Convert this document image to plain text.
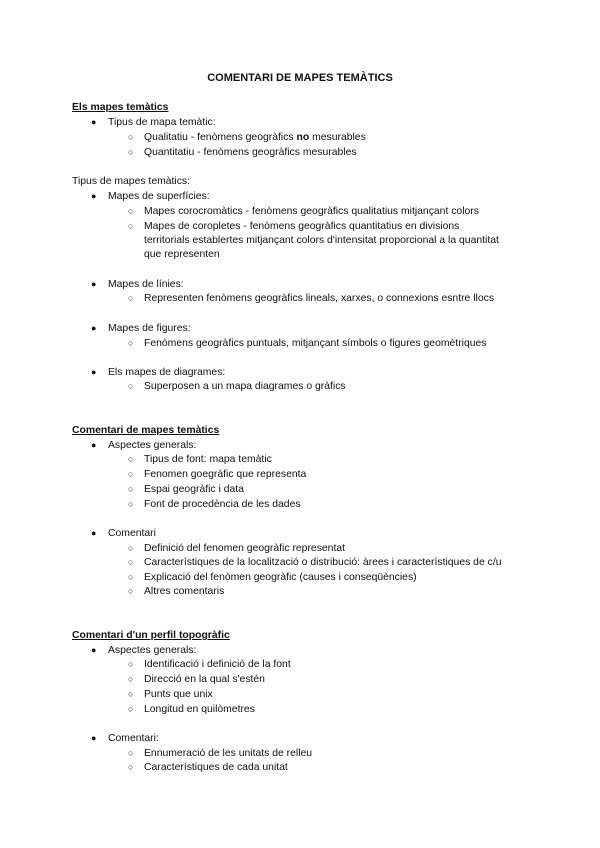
COMENTARI DE MAPES TEMÀTICS
Els mapes temàtics
● Tipus de mapa temàtic:
○ Qualitatiu - fenòmens geogràfics no mesurables
○ Quantitatiu - fenòmens geogràfics mesurables
Tipus de mapes temàtics:
● Mapes de superfícies:
○ Mapes corocromàtics - fenòmens geogràfics qualitatius mitjançant colors
○ Mapes de coropletes - fenòmens geogràfics quantitatius en divisions
territorials establertes mitjançant colors d'intensitat proporcional a la quantitat
que representen
● Mapes de línies:
○ Representen fenòmens geogràfics lineals, xarxes, o connexions esntre llocs
● Mapes de figures:
○ Fenòmens geogràfics puntuals, mitjançant símbols o figures geomètriques
● Els mapes de diagrames:
○ Superposen a un mapa diagrames o gràfics
Comentari de mapes temàtics
● Aspectes generals:
○ Tipus de font: mapa temàtic
○ Fenomen goegràfic que representa
○ Espai geogràfic i data
○ Font de procedència de les dades
● Comentari
○ Definició del fenomen geogràfic representat
○ Característiques de la localització o distribució: àrees i característiques de c/u
○ Explicació del fenòmen geogràfic (causes i conseqüències)
○ Altres comentaris
Comentari d'un perfil topogràfic
● Aspectes generals:
○ Identificació i definició de la font
○ Direcció en la qual s'estén
○ Punts que unix
○ Longitud en quilòmetres
● Comentari:
○ Ennumeració de les unitats de relleu
○ Característiques de cada unitat
